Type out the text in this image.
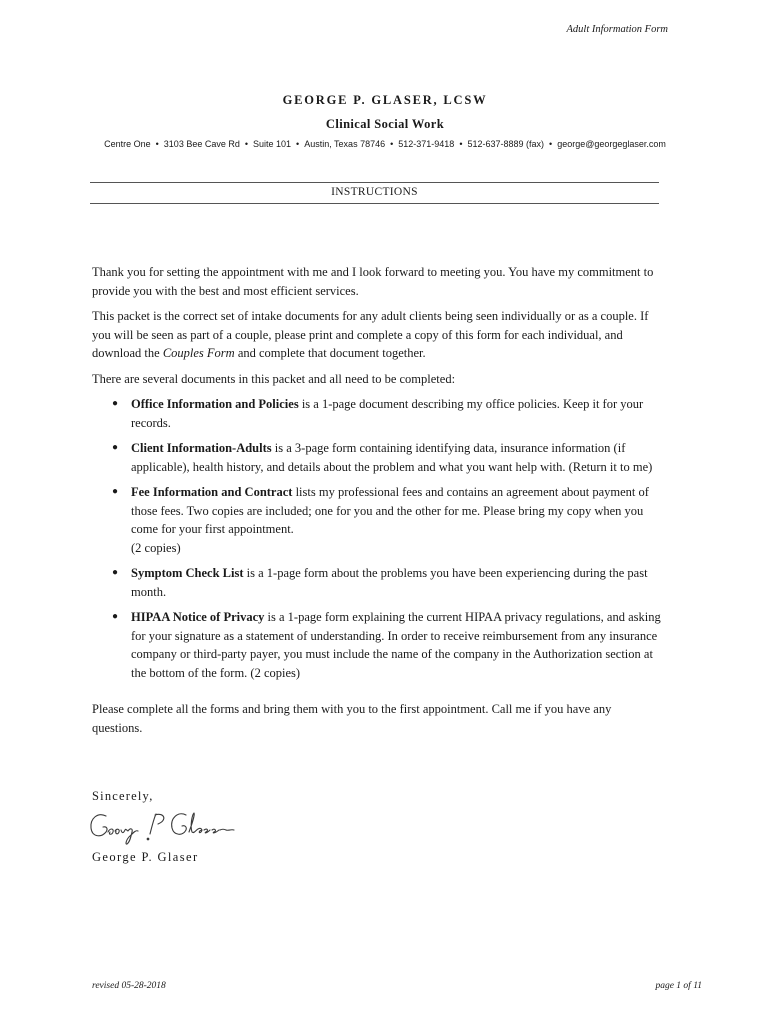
Adult Information Form
GEORGE P. GLASER, LCSW
Clinical Social Work
Centre One • 3103 Bee Cave Rd • Suite 101 • Austin, Texas 78746 • 512-371-9418 • 512-637-8889 (fax) • george@georgeglaser.com
INSTRUCTIONS

Thank you for setting the appointment with me and I look forward to meeting you. You have my commitment to provide you with the best and most efficient services.

This packet is the correct set of intake documents for any adult clients being seen individually or as a couple. If you will be seen as part of a couple, please print and complete a copy of this form for each individual, and download the Couples Form and complete that document together.

There are several documents in this packet and all need to be completed:

● Office Information and Policies is a 1-page document describing my office policies. Keep it for your records.
● Client Information-Adults is a 3-page form containing identifying data, insurance information (if applicable), health history, and details about the problem and what you want help with. (Return it to me)
● Fee Information and Contract lists my professional fees and contains an agreement about payment of those fees. Two copies are included; one for you and the other for me. Please bring my copy when you come for your first appointment.
(2 copies)
● Symptom Check List is a 1-page form about the problems you have been experiencing during the past month.
● HIPAA Notice of Privacy is a 1-page form explaining the current HIPAA privacy regulations, and asking for your signature as a statement of understanding. In order to receive reimbursement from any insurance company or third-party payer, you must include the name of the company in the Authorization section at the bottom of the form. (2 copies)

Please complete all the forms and bring them with you to the first appointment. Call me if you have any questions.

Sincerely,
George P. Glaser
revised 05-28-2018	page 1 of 11
